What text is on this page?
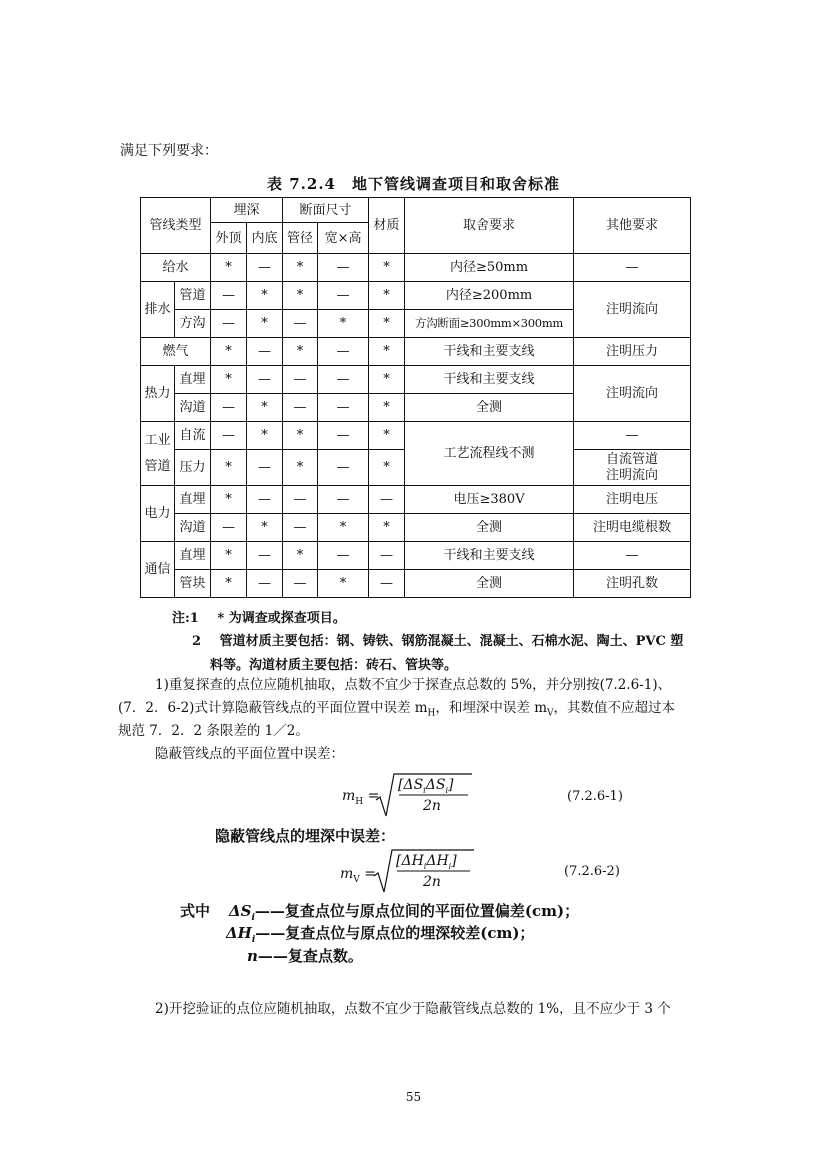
满足下列要求：
表 7.2.4　地下管线调查项目和取舍标准
管线类型		埋深		断面尺寸		材质	取舍要求	其他要求
		外顶	内底	管径	宽×高			
给水		*	—	*	—	*	内径≥50mm	—
排水	管道	—	*	*	—	*	内径≥200mm	注明流向
	方沟	—	*	—	*	*	方沟断面≥300mm×300mm	
燃气		*	—	*	—	*	干线和主要支线	注明压力
热力	直埋	*	—	—	—	*	干线和主要支线	注明流向
	沟道	—	*	—	—	*	全测	

工业
管道	自流	—	*	*	—	*	工艺流程线不测	—
	压力	*	—	*	—	*		自流管道
注明流向

电力	直埋	*	—	—	—	—	电压≥380V	注明电压
	沟道	—	*	—	*	*	全测	注明电缆根数
通信	直埋	*	—	*	—	—	干线和主要支线	—
	管块	*	—	—	*	—	全测	注明孔数
注:1 * 为调查或探查项目。
2 管道材质主要包括：钢、铸铁、钢筋混凝土、混凝土、石棉水泥、陶土、PVC 塑
料等。沟道材质主要包括：砖石、管块等。
1)重复探查的点位应随机抽取，点数不宜少于探查点总数的 5%，并分别按(7.2.6-1)、
(7．2．6-2)式计算隐蔽管线点的平面位置中误差 $m_H$，和埋深中误差 $m_V$，其数值不应超过本
规范 7．2．2 条限差的 1／2。
隐蔽管线点的平面位置中误差：
$m_H$ =
$[\Delta S_i\Delta S_i]$
2n
(7.2.6-1)
隐蔽管线点的埋深中误差：
$m_V$ =
$[\Delta H_i\Delta H_i]$
2n
(7.2.6-2)
式中 $\Delta S_i——$复查点位与原点位间的平面位置偏差(cm)；
$\Delta H_i——$复查点位与原点位的埋深较差(cm)；
n——复查点数。
2)开挖验证的点位应随机抽取，点数不宜少于隐蔽管线点总数的 1%，且不应少于 3 个
55
